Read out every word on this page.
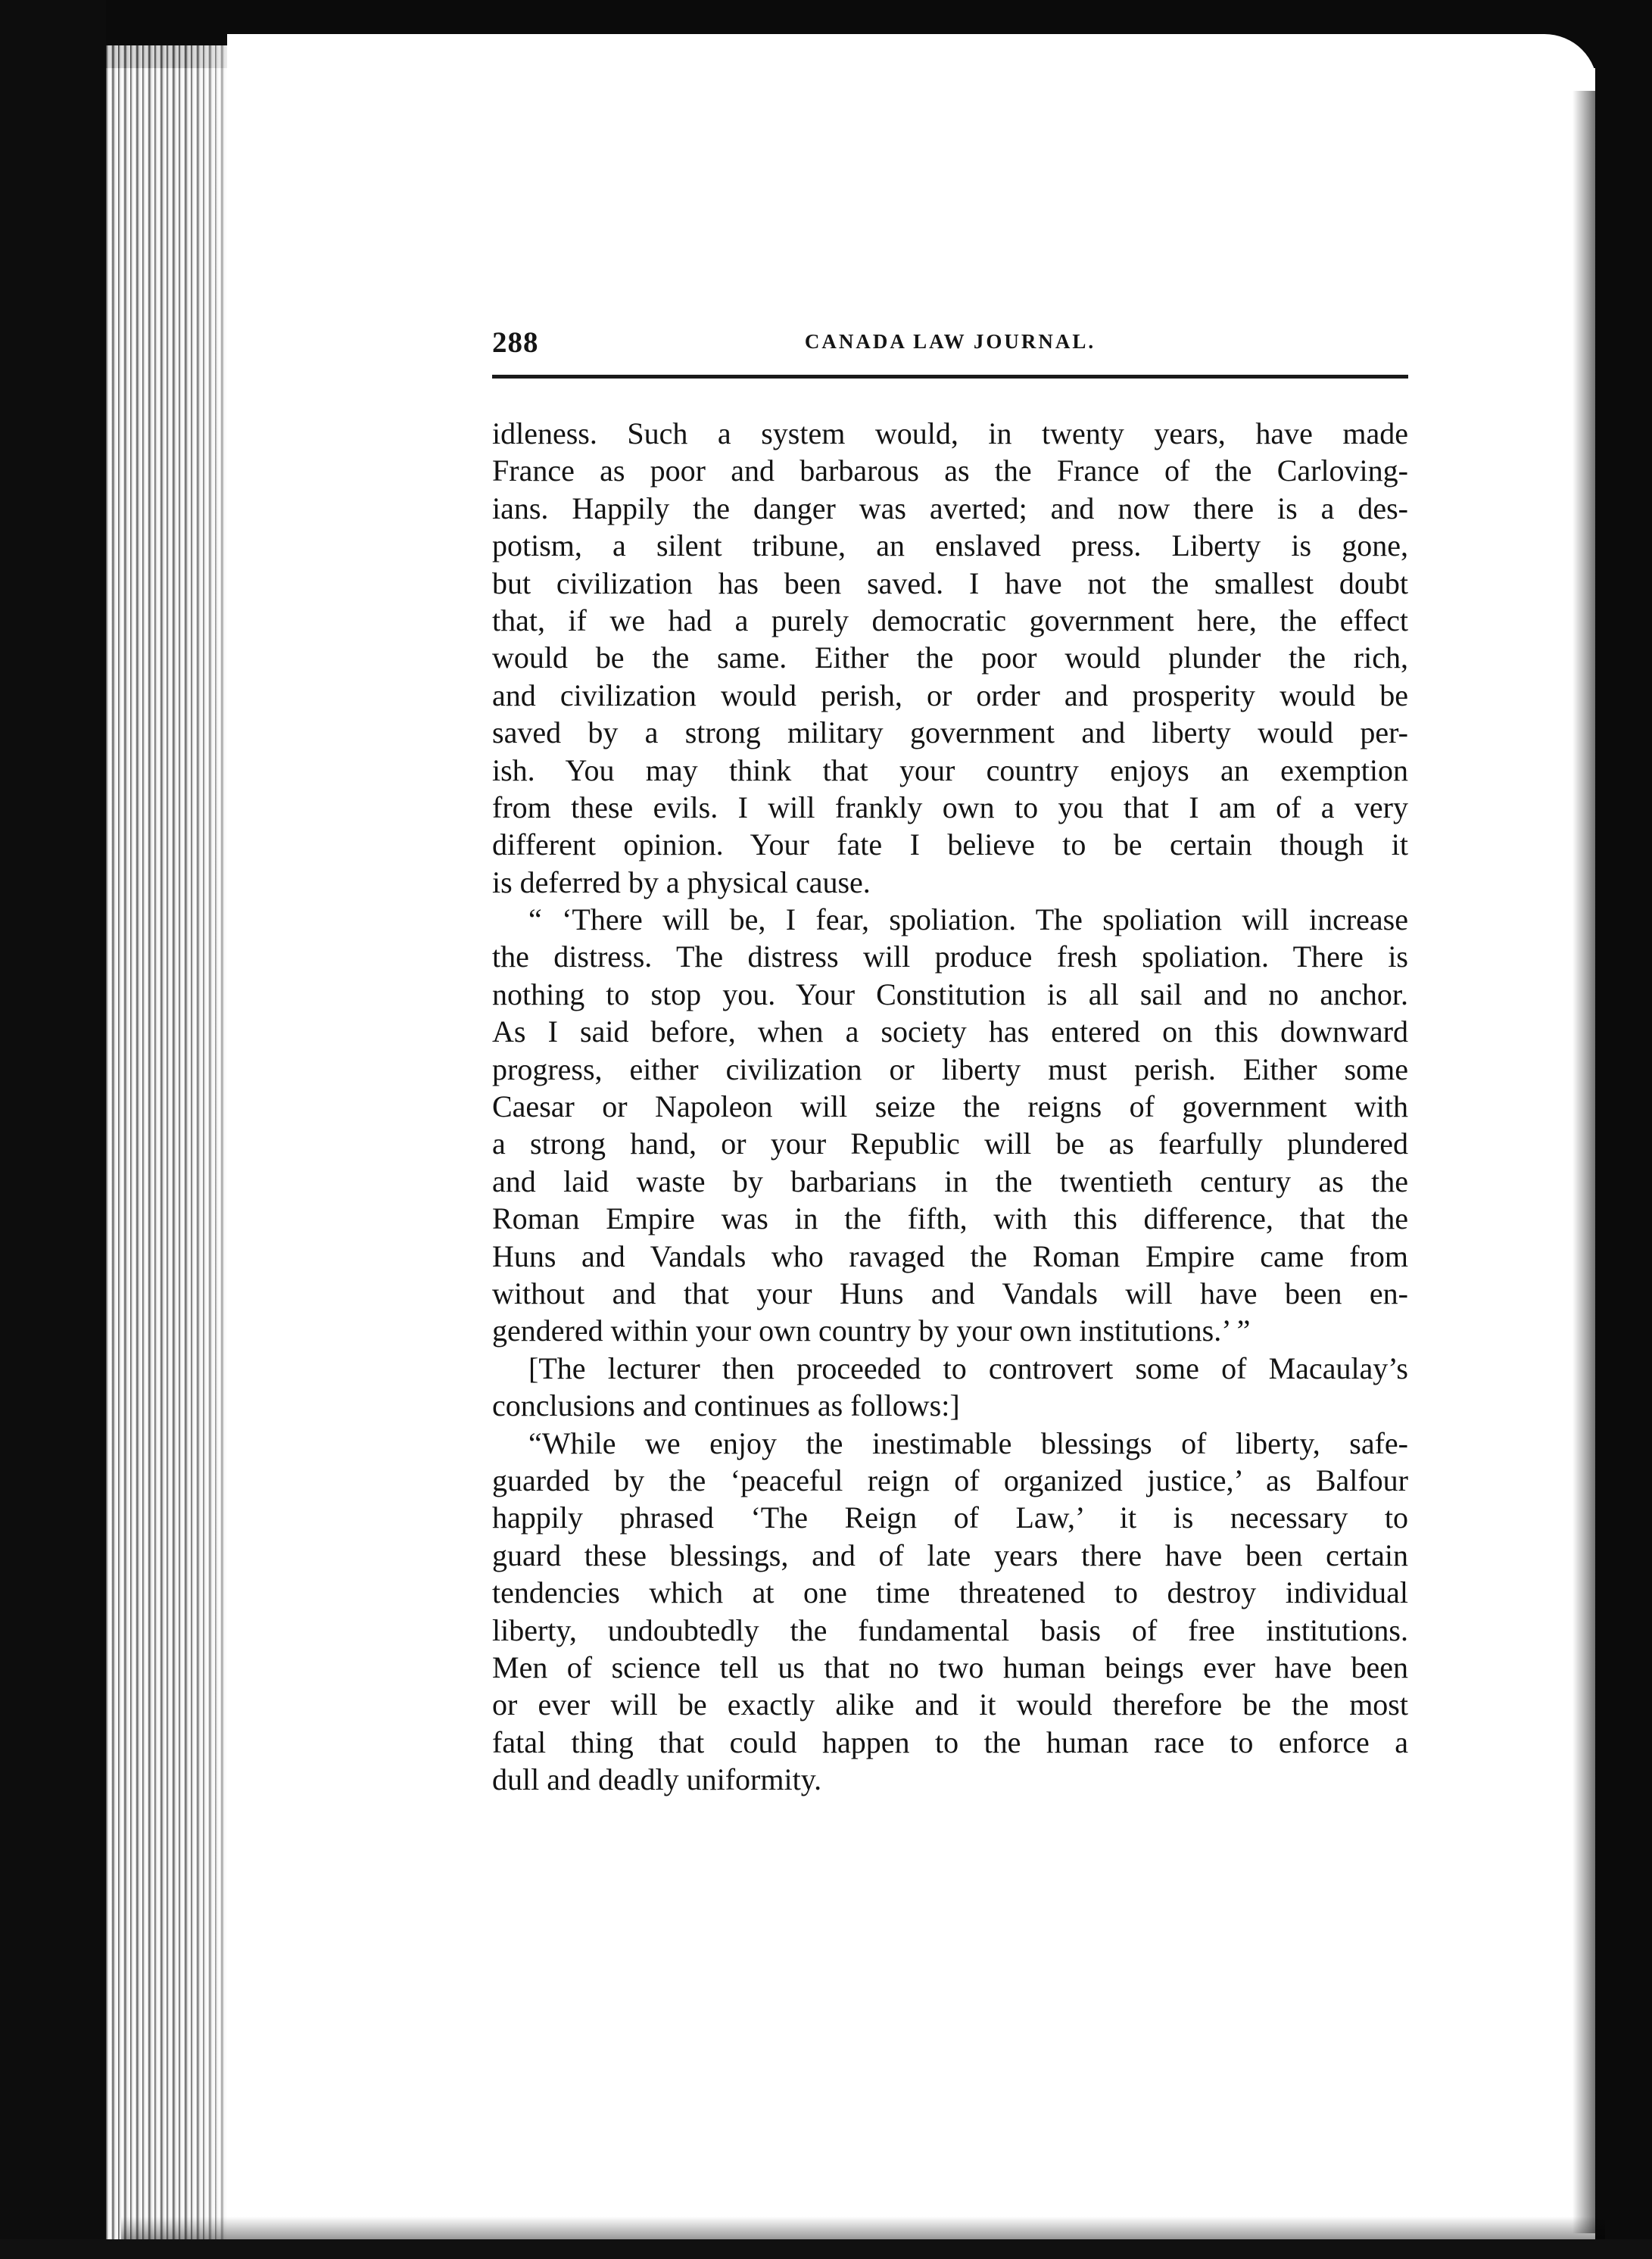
288	CANADA LAW JOURNAL.
idleness. Such a system would, in twenty years, have made
France as poor and barbarous as the France of the Carloving-
ians. Happily the danger was averted; and now there is a des-
potism, a silent tribune, an enslaved press. Liberty is gone,
but civilization has been saved. I have not the smallest doubt
that, if we had a purely democratic government here, the effect
would be the same. Either the poor would plunder the rich,
and civilization would perish, or order and prosperity would be
saved by a strong military government and liberty would per-
ish. You may think that your country enjoys an exemption
from these evils. I will frankly own to you that I am of a very
different opinion. Your fate I believe to be certain though it
is deferred by a physical cause.
“ ‘There will be, I fear, spoliation. The spoliation will increase
the distress. The distress will produce fresh spoliation. There is
nothing to stop you. Your Constitution is all sail and no anchor.
As I said before, when a society has entered on this downward
progress, either civilization or liberty must perish. Either some
Caesar or Napoleon will seize the reigns of government with
a strong hand, or your Republic will be as fearfully plundered
and laid waste by barbarians in the twentieth century as the
Roman Empire was in the fifth, with this difference, that the
Huns and Vandals who ravaged the Roman Empire came from
without and that your Huns and Vandals will have been en-
gendered within your own country by your own institutions.’ ”
[The lecturer then proceeded to controvert some of Macaulay’s
conclusions and continues as follows:]
“While we enjoy the inestimable blessings of liberty, safe-
guarded by the ‘peaceful reign of organized justice,’ as Balfour
happily phrased ‘The Reign of Law,’ it is necessary to
guard these blessings, and of late years there have been certain
tendencies which at one time threatened to destroy individual
liberty, undoubtedly the fundamental basis of free institutions.
Men of science tell us that no two human beings ever have been
or ever will be exactly alike and it would therefore be the most
fatal thing that could happen to the human race to enforce a
dull and deadly uniformity.
